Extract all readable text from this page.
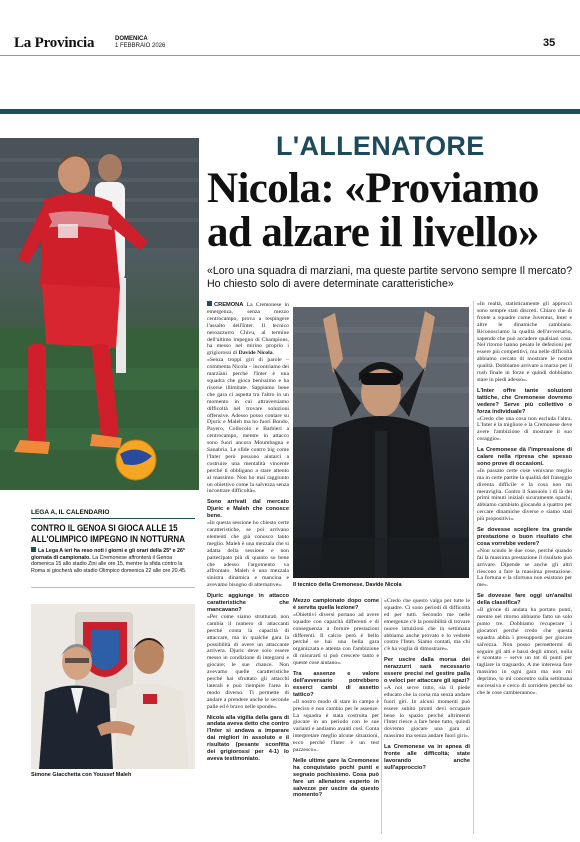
La Provincia	DOMENICA
1 FEBBRAIO 2026	35
L'ALLENATORE
Nicola: «Proviamo ad alzare il livello»
«Loro una squadra di marziani, ma queste partite servono sempre Il mercato? Ho chiesto solo di avere determinate caratteristiche»

CREMONA La Cremonese in emergenza, senza mezzo centrocampo, prova a respingere l'assalto dell'Inter. Il tecnico neroazzurro Chivu, al termine dell'ultimo impegno di Champions, ha messo nel mirino proprio i grigiorossi di Davide Nicola.

«Senza troppi giri di parole – commenta Nicola – incontriamo dei marziani perché l'Inter è una squadra che gioca benissimo e ha risorse illimitate. Sappiamo bene che gara ci aspetta tra l'altro in un momento in cui attraversiamo difficoltà nel trovare soluzioni offensive. Adesso posso contare su Djuric e Maleh ma ho fuori Bondo, Payero, Collocolo e Barbieri a centrocampo, mentre in attacco sono fuori ancora Moumbagna e Sanabria. Le sfide contro big come l'Inter però possono aiutarci a costruire una mentalità vincente perché ti obbligano a stare attento al massimo. Non ho mai raggiunto un obiettivo come la salvezza senza incontrare difficoltà».

Sono arrivati dal mercato Djuric e Maleh che conosce bene.

«In questa sessione ho chiesto certe caratteristiche, se poi arrivano elementi che già conosco tanto meglio. Maleh è una mezzala che si adatta della sessione e non partecipato più di quanto so bene che adesso l'argomento va affrontato. Maleh è una mezzala sinistra dinamica e mancina e avevamo bisogno di alternative».

Djuric aggiunge in attacco caratteristiche che mancavano?

«Per come siamo strutturati non cambia il numero di attaccanti perché conta la capacità di attaccare, ma in qualche gara la possibilità di avere un attaccante arrivera. Djuric deve solo essere messo in condizione di integrarsi e giocare; le sue chance. Non avevamo quelle caratteristiche perché hai sfruttato gli attacchi laterali e può riempire l'area in modo diverso. Ti permette di andare a prendere anche le seconde palle ed è bravo nelle sponde».

Nicola alla vigilia della gara di andata aveva detto che contro l'Inter si andava a imparare dai migliori in assoluto e il risultato (pesante sconfitta dei grigiorossi per 4-1) lo aveva testimoniato.

Il tecnico della Cremonese, Davide Nicola

Mezzo campionato dopo come è servita quella lezione?

«Obiettivi diversi portano ad avere squadre con capacità differenti e di conseguenza a fornire prestazioni differenti. Il calcio però è bello perché se hai una bella gara organizzata e attenta con l'ambizione di misurarti si può crescere tanto e queste cose aiutano».

Tra assenze e valore dell'avversario potrebbero esserci cambi di assetto tattico?

«Il nostro modo di stare in campo è preciso e non cambio per le assenze. La squadra è stata costruita per giocare in un periodo con le sue varianti e andiamo avanti così. Conta interpretare meglio alcune situazioni, ecco perché l'Inter è un test pazzesco».

Nelle ultime gare la Cremonese ha conquistato pochi punti e segnato pochissimo. Cosa può fare un allenatore esperto in salvezze per uscire da questo momento?

«Credo che questo valga per tutte le squadre. Ci sono periodi di difficoltà ed per tutti. Secondo me nelle emergenze c'è la possibilità di trovare nuove intuizioni che in settimana abbiamo anche provato e lo vedrete contro l'Inter. Siamo contati, ma chi c'è ha voglia di dimostrare».

Per uscire dalla morsa dei nerazzurri sarà necessario essere precisi nel gestire palla o veloci per attaccare gli spazi?

«A noi serve tutto, sia il piede educato che la corsa ma senza andare fuori giri. In alcuni momenti può essere subito pronti devi occupare bene lo spazio perché altrimenti l'Inter riesce a fare bene tutto, quindi dovremo giocare una gara al massimo ma senza andare fuori giri».

La Cremonese va in apnea di fronte alle difficoltà; state lavorando anche sull'approccio?

«In realtà, statisticamente gli approcci sono sempre stati discreti. Chiaro che di fronte a squadre come Juventus, Inter e altre le dinamiche cambiano. Riconosciamo la qualità dell'avversario, sapendo che può accadere qualsiasi cosa. Nel ritorno hanno pesato le defezioni per essere più competitivi, ma nelle difficoltà abbiamo cercato di mostrare le nostre qualità. Dobbiamo arrivare a marzo per il rush finale in forze e quindi dobbiamo stare in piedi adesso».

L'Inter offre tante soluzioni tattiche, che Cremonese dovremo vedere? Serve più collettivo o forza individuale?

«Credo che una cosa non escluda l'altra. L'Inter è la migliore e la Cremonese deve avere l'ambizione di mostrare il suo coraggio».

La Cremonese dà l'impressione di calare nella ripresa che spesso sono prove di occasioni.

«In passato certe cose venivano meglio ma in certe partite la qualità del fraseggio diventa difficile e la cosa non mi meraviglia. Contro il Sassuolo i dì là dei primi minuti iniziali sicuramente opachi, abbiamo cambiato giocando a quattro per cercare dinamiche diverse e siamo stati più propositivi».

Se dovesse scegliere tra grande prestazione o buon risultato che cosa vorrebbe vedere?

«Non scindo le due cose, perché quando fai la massima prestazione il risultato può arrivare. Dipende se anche gli altri riescono a fare la massima prestazione. La fortuna e la sfortuna non esistono per me».

Se dovesse fare oggi un'analisi della classifica?

«Il girone di andata ha portato punti, mentre nel ritorno abbiamo fatto un solo punto tre. Dobbiamo recuperare i giocatori perché credo che questa squadra abbia i presupposti per giocare salvezza. Non posso permettermi di seguire gli alti e bassi degli umori, nulla è scontato – serve un tot di punti per tagliare in traguardo. A me interessa fare massimo in ogni gara ma non mi deprimo, io mi concentro sulla settimana successiva e cerco di sorridere perché so che le cose cambieranno».

LEGA A, IL CALENDARIO
CONTRO IL GENOA SI GIOCA ALLE 15 ALL'OLIMPICO IMPEGNO IN NOTTURNA
La Lega A ieri ha reso noti i giorni e gli orari della 25ª e 26ª giornata di campionato. La Cremonese affronterà il Genoa domenica 15 allo stadio Zini alle ore 15, mentre la sfida contro la Roma si giocherà allo stadio Olimpico domenica 22 alle ore 20.45.
Simone Giacchetta con Youssef Maleh
